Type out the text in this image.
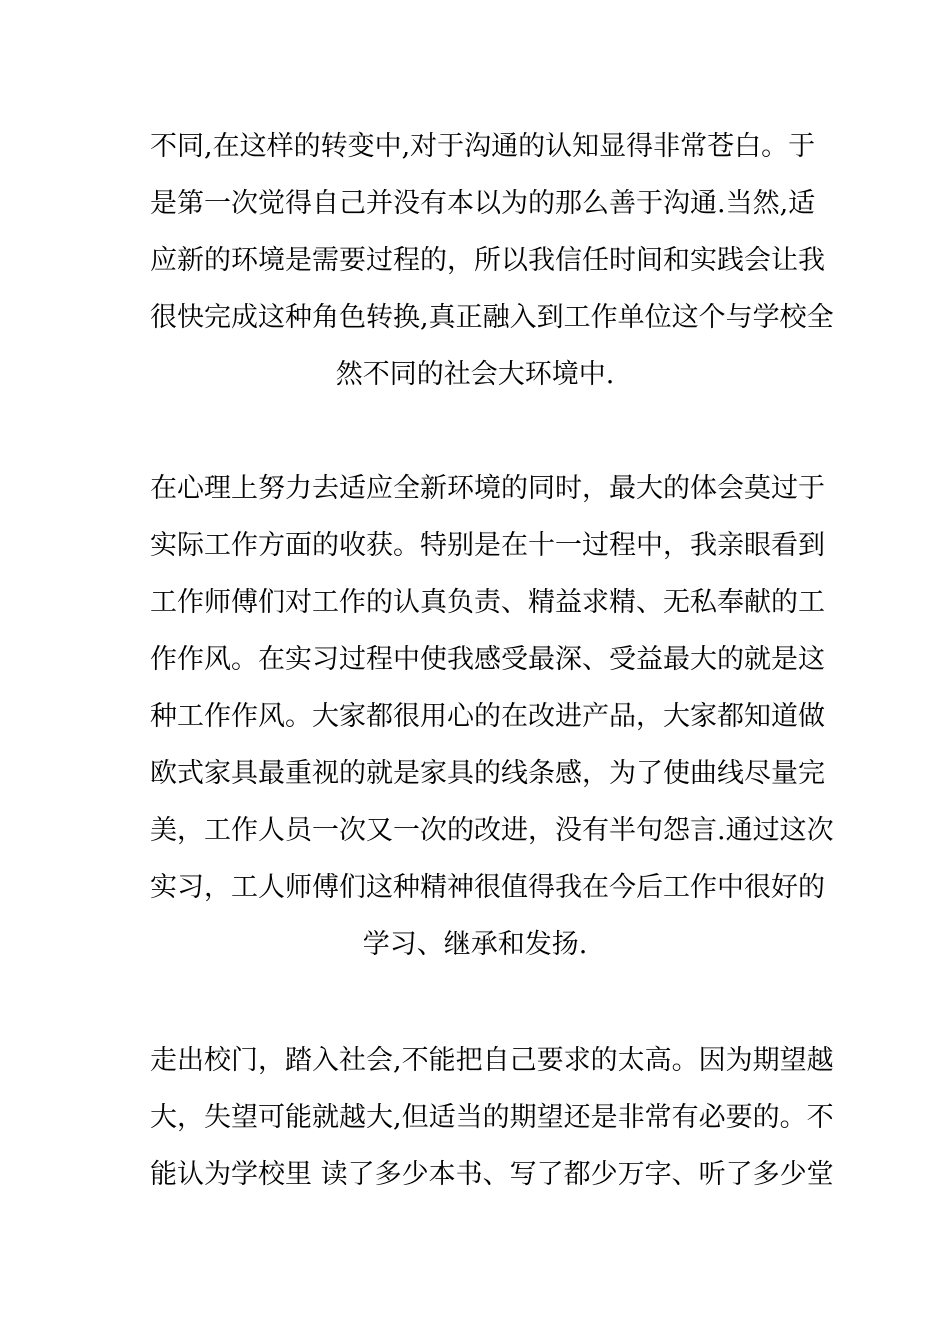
不同,在这样的转变中,对于沟通的认知显得非常苍白。于
是第一次觉得自己并没有本以为的那么善于沟通.当然,适
应新的环境是需要过程的，所以我信任时间和实践会让我
很快完成这种角色转换,真正融入到工作单位这个与学校全
然不同的社会大环境中.
在心理上努力去适应全新环境的同时，最大的体会莫过于
实际工作方面的收获。特别是在十一过程中，我亲眼看到
工作师傅们对工作的认真负责、精益求精、无私奉献的工
作作风。在实习过程中使我感受最深、受益最大的就是这
种工作作风。大家都很用心的在改进产品，大家都知道做
欧式家具最重视的就是家具的线条感，为了使曲线尽量完
美，工作人员一次又一次的改进，没有半句怨言.通过这次
实习，工人师傅们这种精神很值得我在今后工作中很好的
学习、继承和发扬.
走出校门，踏入社会,不能把自己要求的太高。因为期望越
大，失望可能就越大,但适当的期望还是非常有必要的。不
能认为学校里 读了多少本书、写了都少万字、听了多少堂
